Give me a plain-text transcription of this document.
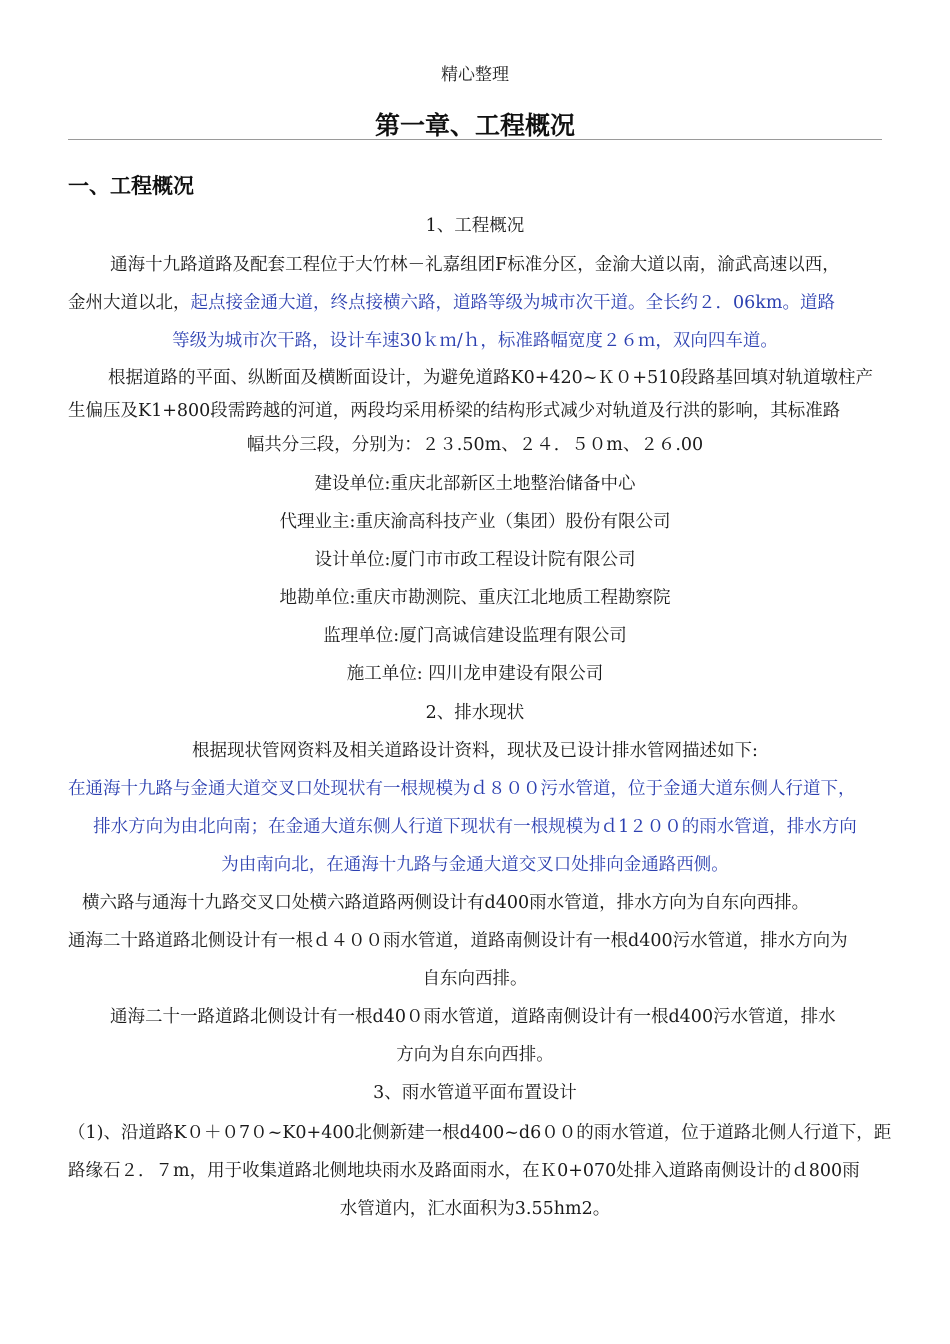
精心整理
第一章、工程概况
一、工程概况
1、工程概况
通海十九路道路及配套工程位于大竹林－礼嘉组团F标准分区，金渝大道以南，渝武高速以西，
金州大道以北，起点接金通大道，终点接横六路，道路等级为城市次干道。全长约２．06km。道路
等级为城市次干路，设计车速30ｋｍ/ｈ，标准路幅宽度２６ｍ，双向四车道。
根据道路的平面、纵断面及横断面设计，为避免道路K0+420~Ｋ０+510段路基回填对轨道墩柱产
生偏压及K1+800段需跨越的河道，两段均采用桥梁的结构形式减少对轨道及行洪的影响，其标准路
幅共分三段，分别为：２３.50m、２４．５０m、２６.00
建设单位:重庆北部新区土地整治储备中心
代理业主:重庆渝高科技产业（集团）股份有限公司
设计单位:厦门市市政工程设计院有限公司
地勘单位:重庆市勘测院、重庆江北地质工程勘察院
监理单位:厦门高诚信建设监理有限公司
施工单位: 四川龙申建设有限公司
2、排水现状
根据现状管网资料及相关道路设计资料，现状及已设计排水管网描述如下:
在通海十九路与金通大道交叉口处现状有一根规模为ｄ８００污水管道，位于金通大道东侧人行道下，
排水方向为由北向南；在金通大道东侧人行道下现状有一根规模为ｄ1２００的雨水管道，排水方向
为由南向北，在通海十九路与金通大道交叉口处排向金通路西侧。
横六路与通海十九路交叉口处横六路道路两侧设计有d400雨水管道，排水方向为自东向西排。
通海二十路道路北侧设计有一根ｄ４００雨水管道，道路南侧设计有一根d400污水管道，排水方向为
自东向西排。
通海二十一路道路北侧设计有一根d40０雨水管道，道路南侧设计有一根d400污水管道，排水
方向为自东向西排。
3、雨水管道平面布置设计
（1)、沿道路K０＋０7０~K0+400北侧新建一根d400~d6００的雨水管道，位于道路北侧人行道下，距
路缘石２．７m，用于收集道路北侧地块雨水及路面雨水，在Ｋ0+070处排入道路南侧设计的ｄ800雨
水管道内，汇水面积为3.55hm2。
